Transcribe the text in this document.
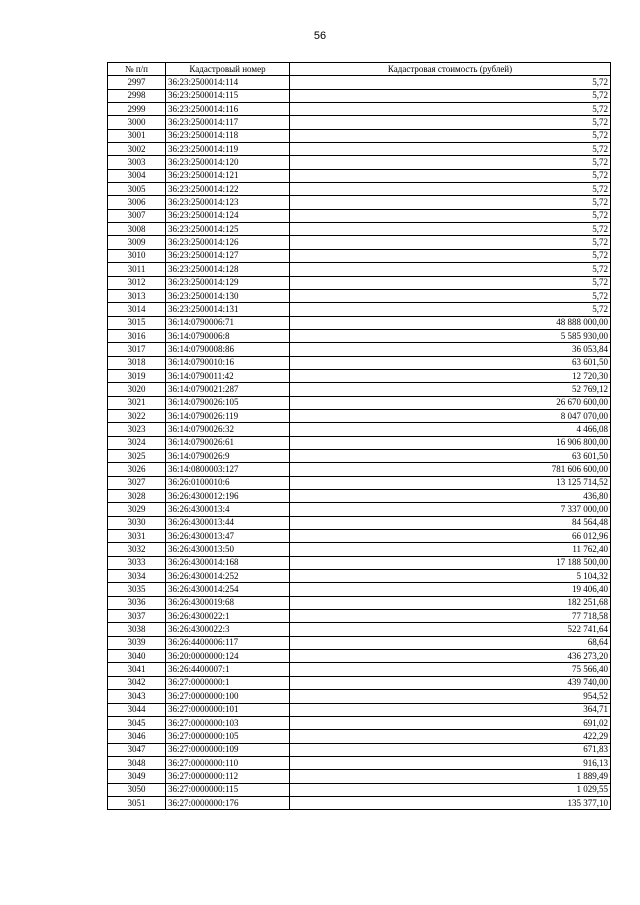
56
№ п/п	Кадастровый номер	Кадастровая стоимость (рублей)
2997	36:23:2500014:114	5,72
2998	36:23:2500014:115	5,72
2999	36:23:2500014:116	5,72
3000	36:23:2500014:117	5,72
3001	36:23:2500014:118	5,72
3002	36:23:2500014:119	5,72
3003	36:23:2500014:120	5,72
3004	36:23:2500014:121	5,72
3005	36:23:2500014:122	5,72
3006	36:23:2500014:123	5,72
3007	36:23:2500014:124	5,72
3008	36:23:2500014:125	5,72
3009	36:23:2500014:126	5,72
3010	36:23:2500014:127	5,72
3011	36:23:2500014:128	5,72
3012	36:23:2500014:129	5,72
3013	36:23:2500014:130	5,72
3014	36:23:2500014:131	5,72
3015	36:14:0790006:71	48 888 000,00
3016	36:14:0790006:8	5 585 930,00
3017	36:14:0790008:86	36 053,84
3018	36:14:0790010:16	63 601,50
3019	36:14:0790011:42	12 720,30
3020	36:14:0790021:287	52 769,12
3021	36:14:0790026:105	26 670 600,00
3022	36:14:0790026:119	8 047 070,00
3023	36:14:0790026:32	4 466,08
3024	36:14:0790026:61	16 906 800,00
3025	36:14:0790026:9	63 601,50
3026	36:14:0800003:127	781 606 600,00
3027	36:26:0100010:6	13 125 714,52
3028	36:26:4300012:196	436,80
3029	36:26:4300013:4	7 337 000,00
3030	36:26:4300013:44	84 564,48
3031	36:26:4300013:47	66 012,96
3032	36:26:4300013:50	11 762,40
3033	36:26:4300014:168	17 188 500,00
3034	36:26:4300014:252	5 104,32
3035	36:26:4300014:254	19 406,40
3036	36:26:4300019:68	182 251,68
3037	36:26:4300022:1	77 718,58
3038	36:26:4300022:3	522 741,64
3039	36:26:4400006:117	68,64
3040	36:20:0000000:124	436 273,20
3041	36:26:4400007:1	75 566,40
3042	36:27:0000000:1	439 740,00
3043	36:27:0000000:100	954,52
3044	36:27:0000000:101	364,71
3045	36:27:0000000:103	691,02
3046	36:27:0000000:105	422,29
3047	36:27:0000000:109	671,83
3048	36:27:0000000:110	916,13
3049	36:27:0000000:112	1 889,49
3050	36:27:0000000:115	1 029,55
3051	36:27:0000000:176	135 377,10
